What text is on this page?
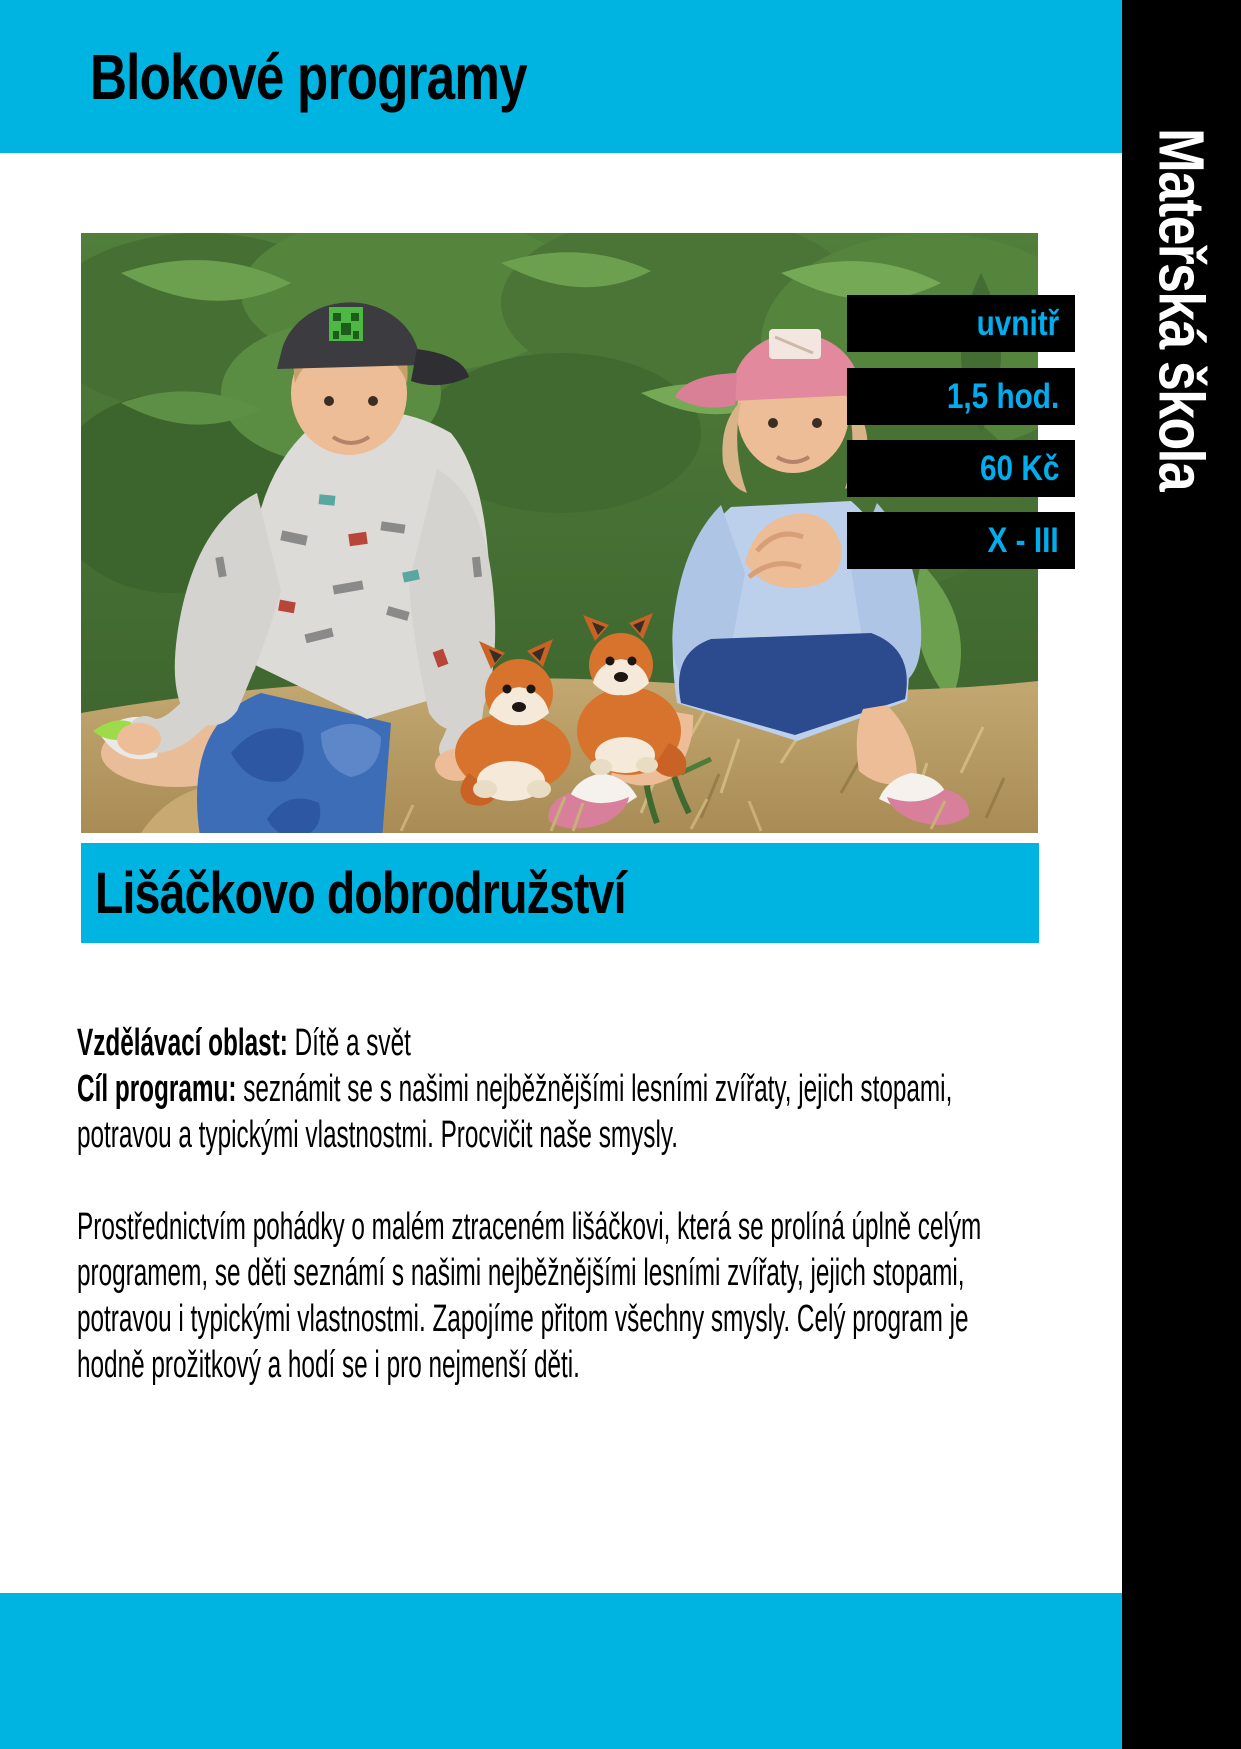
Blokové programy
Mateřská škola
uvnitř
1,5 hod.
60 Kč
X - III
Lišáčkovo dobrodružství
Vzdělávací oblast: Dítě a svět
Cíl programu: seznámit se s našimi nejběžnějšími lesními zvířaty, jejich stopami,
potravou a typickými vlastnostmi. Procvičit naše smysly.
Prostřednictvím pohádky o malém ztraceném lišáčkovi, která se prolíná úplně celým
programem, se děti seznámí s našimi nejběžnějšími lesními zvířaty, jejich stopami,
potravou i typickými vlastnostmi. Zapojíme přitom všechny smysly. Celý program je
hodně prožitkový a hodí se i pro nejmenší děti.
